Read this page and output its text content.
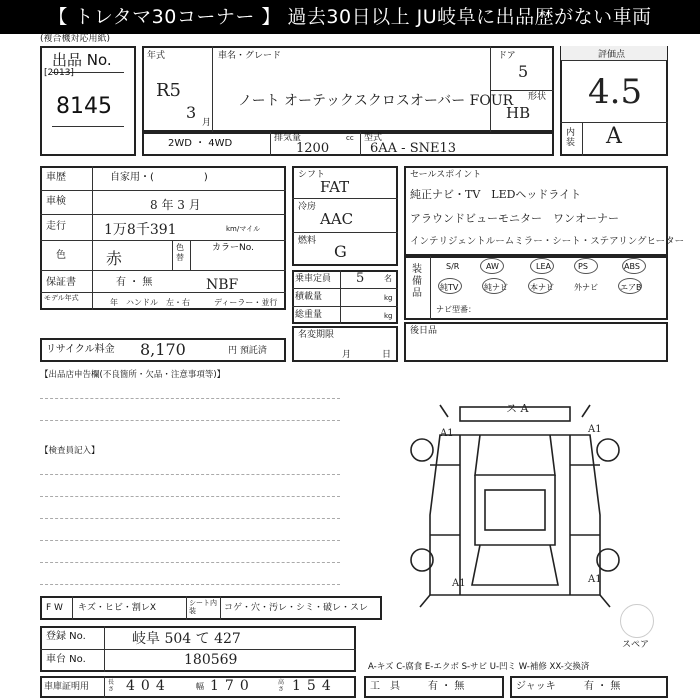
【 トレタマ30コーナー 】 過去30日以上 JU岐阜に出品歴がない車両
(複合機対応用紙)
出品 No.
[2013]
8145
年式
R5
3
月
車名・グレード
ノート オーテックスクロスオーバー FOUR
ドア
5
形状
HB
評価点
4.5
内装 A
2WD ・ 4WD	排気量	cc
1200
型式
6AA - SNE13
車歴	自家用・(　　　　　)
車検	8 年 3 月
走行	1万8千391	km/マイル
色	赤
色替
カラーNo.
NBF
保証書	有 ・ 無
モデル年式	年　ハンドル　左・右	ディーラー・並行
リサイクル料金 8,170	円 預託済
シフト
FAT
冷房
AAC
燃料
G
乗車定員 5 名
積載量	kg
総重量	kg
名変期限
月	日
セールスポイント
純正ナビ・TV　LEDヘッドライト
アラウンドビューモニター　ワンオーナー
インテリジェントルームミラー・シート・ステアリングヒーター
装備品
S/R	AW	LEA	PS	ABS
純TV	純ナビ	本ナビ	外ナビ	エアB
ナビ型番：
後日品
【出品店申告欄(不良箇所・欠品・注意事項等)】
【検査員記入】
ス A
A1	A1
A1	A1
スペア
F W キズ・ヒビ・割レX	シート内装	コゲ・穴・汚レ・シミ・破レ・スレ
登録 No.	岐阜 504 て 427
車台 No.	180569	A-キズ C-腐食 E-エクボ S-サビ U-凹ミ W-補修 XX-交換済
車庫証明用	長さ 404	幅 170	高さ 154	工　具	有 ・ 無	ジャッキ	有 ・ 無
